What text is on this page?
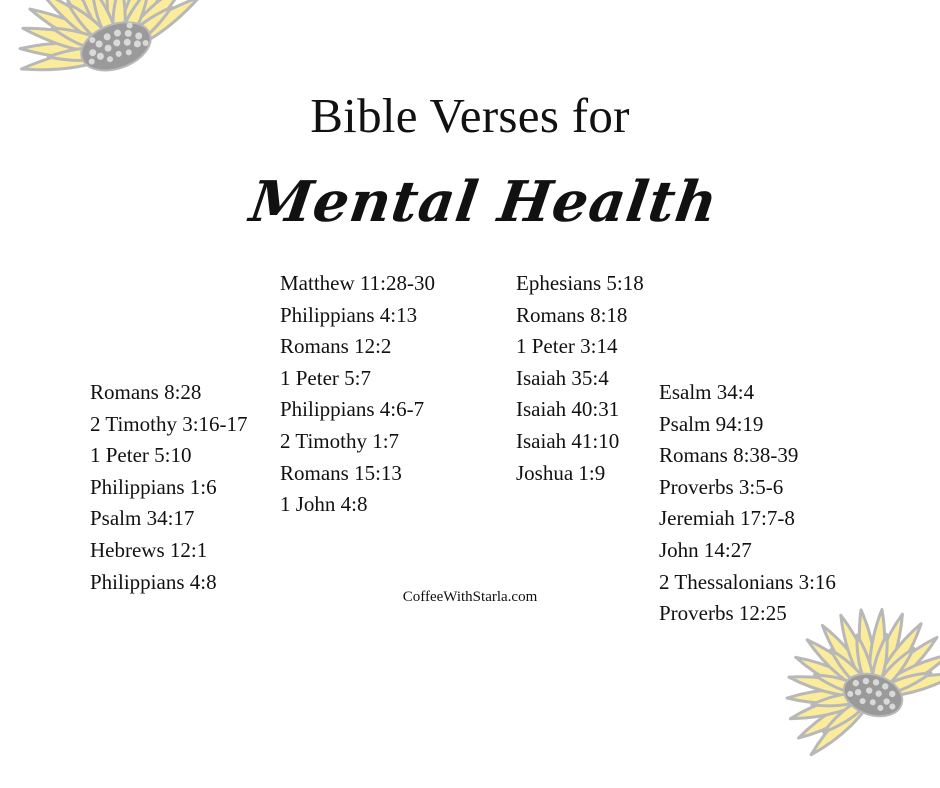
Bible Verses for
Mental Health
Romans 8:28
2 Timothy 3:16-17
1 Peter 5:10
Philippians 1:6
Psalm 34:17
Hebrews 12:1
Philippians 4:8
Matthew 11:28-30
Philippians 4:13
Romans 12:2
1 Peter 5:7
Philippians 4:6-7
2 Timothy 1:7
Romans 15:13
1 John 4:8
Ephesians 5:18
Romans 8:18
1 Peter 3:14
Isaiah 35:4
Isaiah 40:31
Isaiah 41:10
Joshua 1:9
Esalm 34:4
Psalm 94:19
Romans 8:38-39
Proverbs 3:5-6
Jeremiah 17:7-8
John 14:27
2 Thessalonians 3:16
Proverbs 12:25
CoffeeWithStarla.com
